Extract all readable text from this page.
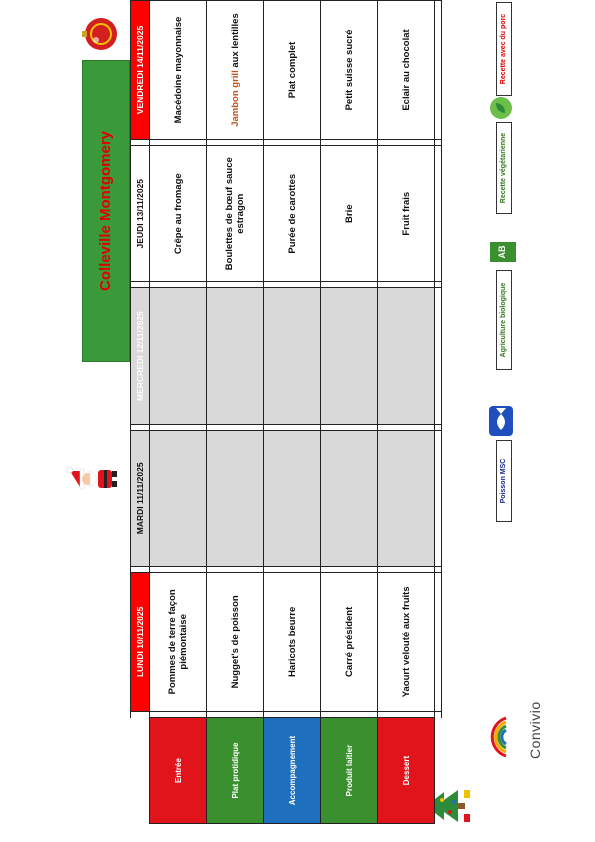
Convivio
Colleville Montgomery
		LUNDI 10/11/2025		MARDI 11/11/2025		MERCREDI 12/11/2025		JEUDI 13/11/2025		VENDREDI 14/11/2025
Entrée		Pommes de terre façon piémontaise						Crêpe au fromage		Macédoine mayonnaise
Plat protidique		Nugget's de poisson						Boulettes de bœuf sauce estragon		Jambon grill aux lentilles
Accompagnement		Haricots beurre						Purée de carottes		Plat complet
Produit laitier		Carré président						Brie		Petit suisse sucré
Dessert		Yaourt velouté aux fruits						Fruit frais		Eclair au chocolat

Poisson MSC
Agriculture biologique
AB
Recette végétarienne
Recette avec du porc
